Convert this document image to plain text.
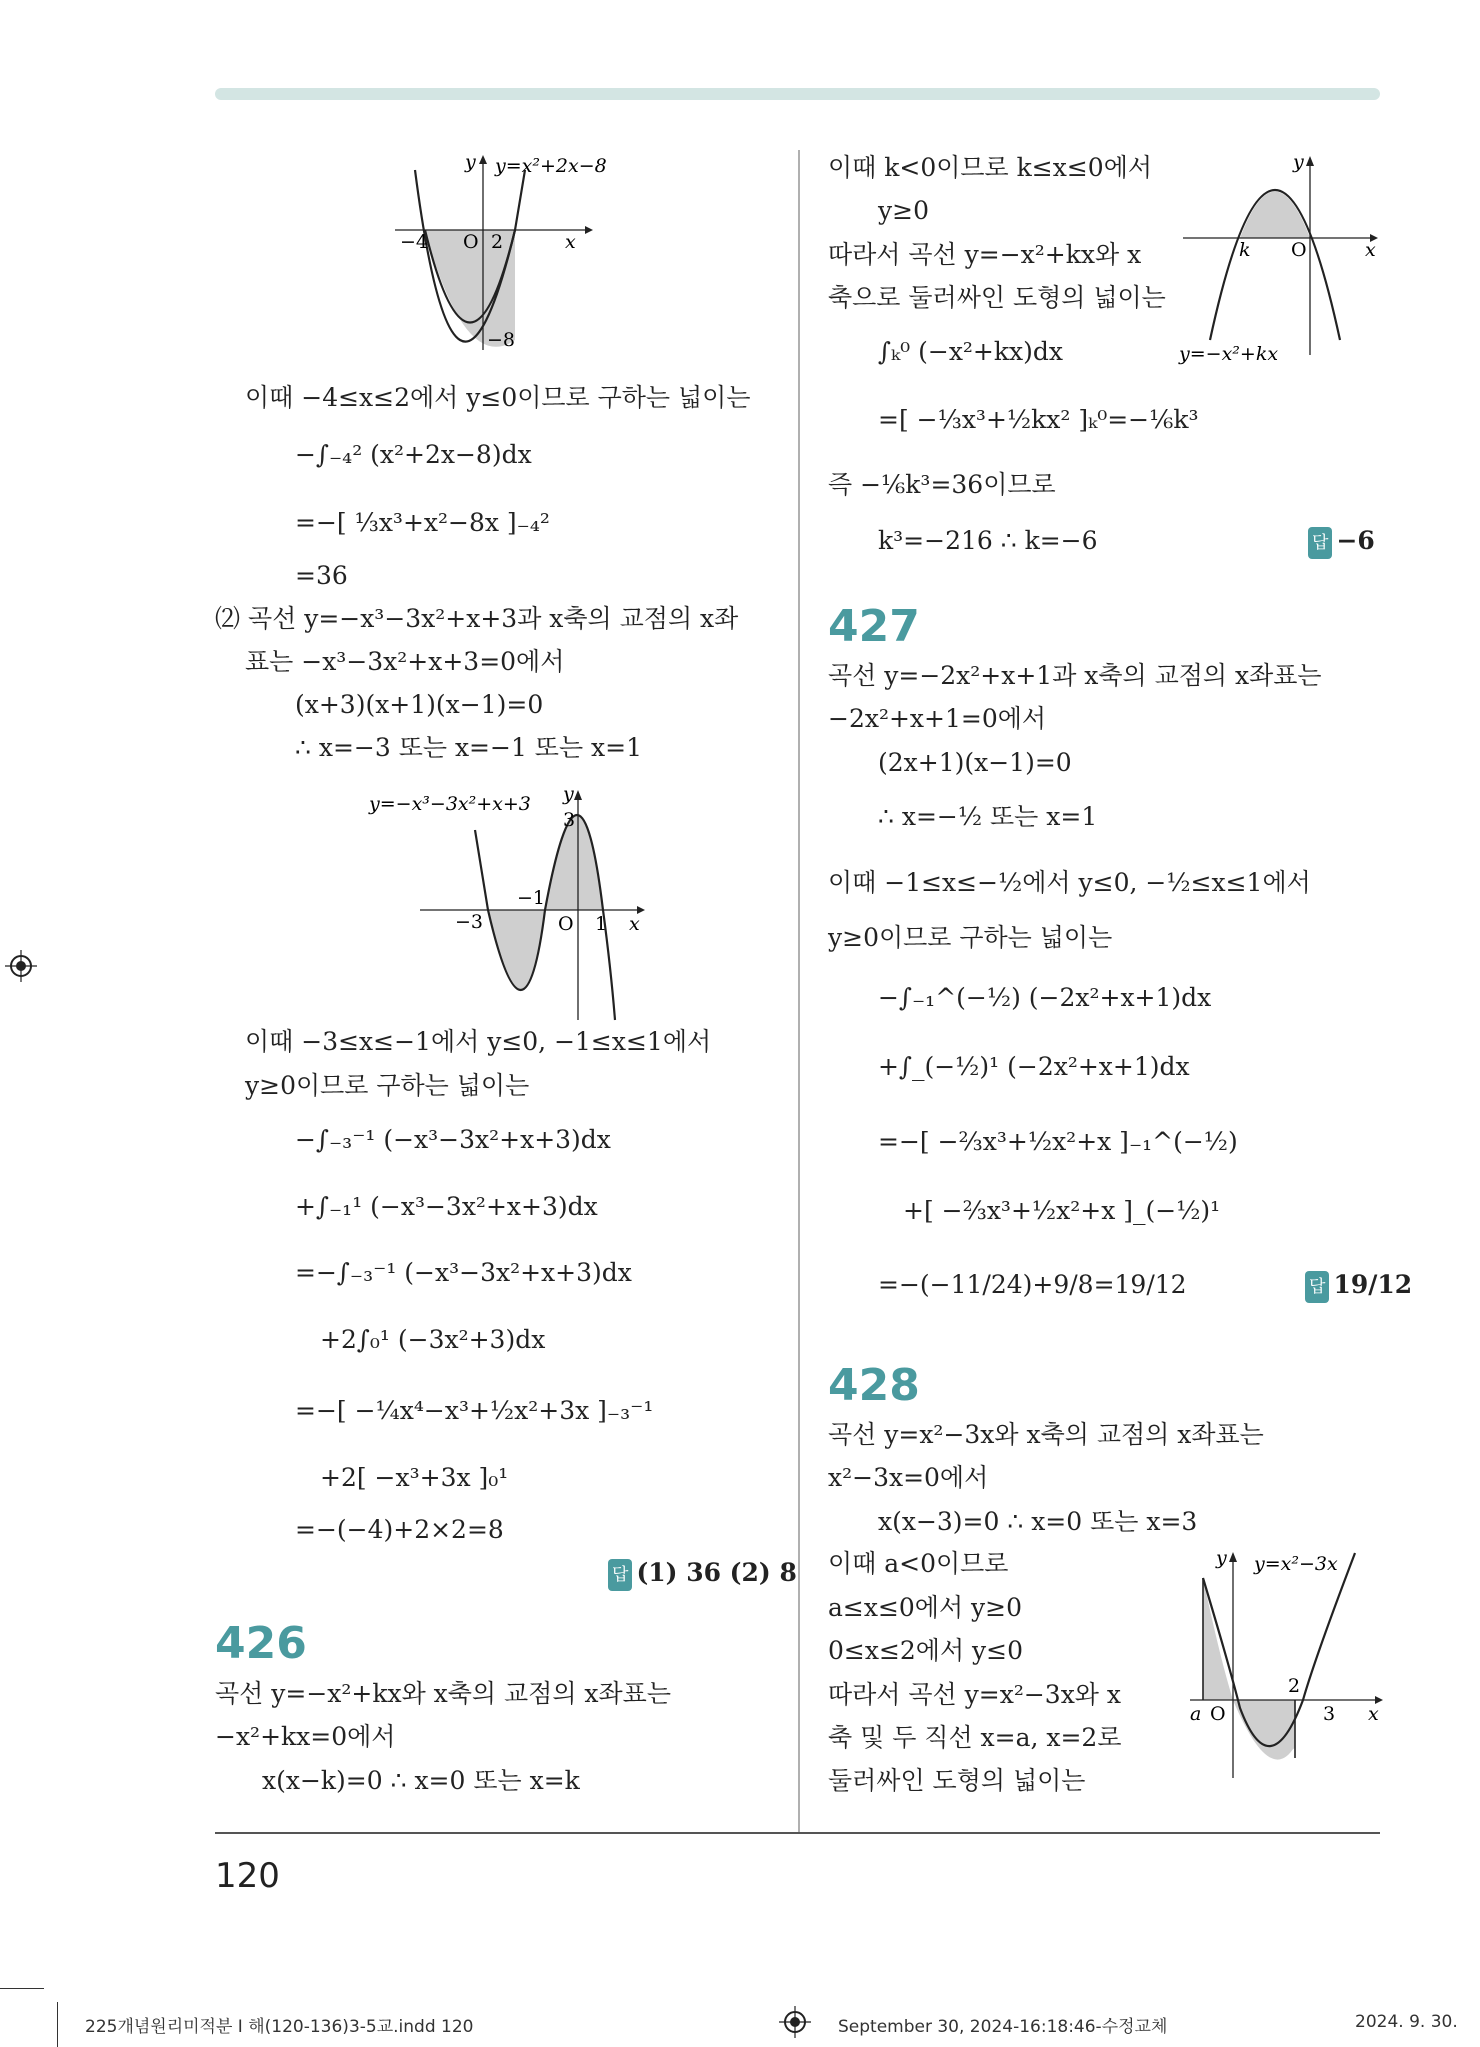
y y=x²+2x−8
−4 O 2	x
−8
이때 −4≤x≤2에서 y≤0이므로 구하는 넓이는
−∫₋₄² (x²+2x−8)dx
=−[ ⅓x³+x²−8x ]₋₄²
=36
⑵ 곡선 y=−x³−3x²+x+3과 x축의 교점의 x좌
표는 −x³−3x²+x+3=0에서
(x+3)(x+1)(x−1)=0
∴ x=−3 또는 x=−1 또는 x=1
y=−x³−3x²+x+3 y
3
−1
−3	O 1 x
이때 −3≤x≤−1에서 y≤0, −1≤x≤1에서
y≥0이므로 구하는 넓이는
−∫₋₃⁻¹ (−x³−3x²+x+3)dx
+∫₋₁¹ (−x³−3x²+x+3)dx
=−∫₋₃⁻¹ (−x³−3x²+x+3)dx
+2∫₀¹ (−3x²+3)dx
=−[ −¼x⁴−x³+½x²+3x ]₋₃⁻¹
+2[ −x³+3x ]₀¹
=−(−4)+2×2=8
답 (1) 36 (2) 8
426
곡선 y=−x²+kx와 x축의 교점의 x좌표는
−x²+kx=0에서
x(x−k)=0 ∴ x=0 또는 x=k
이때 k<0이므로 k≤x≤0에서
y≥0
따라서 곡선 y=−x²+kx와 x
축으로 둘러싸인 도형의 넓이는
∫ₖ⁰ (−x²+kx)dx
=[ −⅓x³+½kx² ]ₖ⁰=−⅙k³
즉 −⅙k³=36이므로
k³=−216 ∴ k=−6	답 −6
y
k O	x
y=−x²+kx
427
곡선 y=−2x²+x+1과 x축의 교점의 x좌표는
−2x²+x+1=0에서
(2x+1)(x−1)=0
∴ x=−½ 또는 x=1
이때 −1≤x≤−½에서 y≤0, −½≤x≤1에서
y≥0이므로 구하는 넓이는
−∫₋₁^(−½) (−2x²+x+1)dx
+∫_(−½)¹ (−2x²+x+1)dx
=−[ −⅔x³+½x²+x ]₋₁^(−½)
+[ −⅔x³+½x²+x ]_(−½)¹
=−(−11/24)+9/8=19/12	답 19/12
428
곡선 y=x²−3x와 x축의 교점의 x좌표는
x²−3x=0에서
x(x−3)=0 ∴ x=0 또는 x=3
이때 a<0이므로
a≤x≤0에서 y≥0
0≤x≤2에서 y≤0
따라서 곡선 y=x²−3x와 x
축 및 두 직선 x=a, x=2로
둘러싸인 도형의 넓이는
y y=x²−3x
2
a O	3 x
120
225개념원리미적분 I 해(120-136)3-5교.indd 120	September 30, 2024-16:18:46-수정교체	2024. 9. 30.
